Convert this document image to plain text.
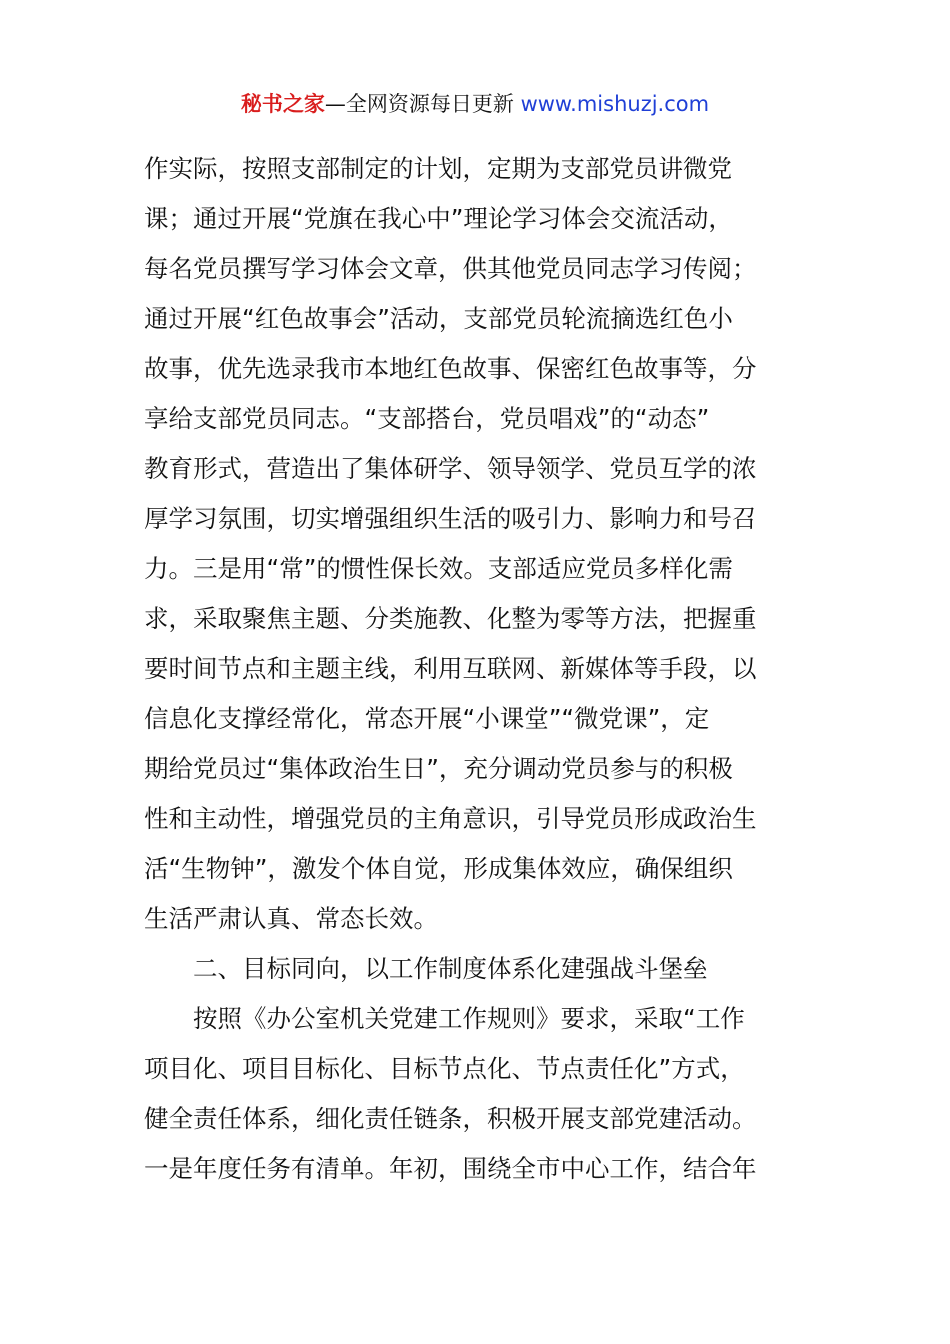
秘书之家—全网资源每日更新 www.mishuzj.com
作实际，按照支部制定的计划，定期为支部党员讲微党
课；通过开展“党旗在我心中”理论学习体会交流活动，
每名党员撰写学习体会文章，供其他党员同志学习传阅；
通过开展“红色故事会”活动，支部党员轮流摘选红色小
故事，优先选录我市本地红色故事、保密红色故事等，分
享给支部党员同志。“支部搭台，党员唱戏”的“动态”
教育形式，营造出了集体研学、领导领学、党员互学的浓
厚学习氛围，切实增强组织生活的吸引力、影响力和号召
力。三是用“常”的惯性保长效。支部适应党员多样化需
求，采取聚焦主题、分类施教、化整为零等方法，把握重
要时间节点和主题主线，利用互联网、新媒体等手段，以
信息化支撑经常化，常态开展“小课堂”“微党课”，定
期给党员过“集体政治生日”，充分调动党员参与的积极
性和主动性，增强党员的主角意识，引导党员形成政治生
活“生物钟”，激发个体自觉，形成集体效应，确保组织
生活严肃认真、常态长效。
二、目标同向，以工作制度体系化建强战斗堡垒
按照《办公室机关党建工作规则》要求，采取“工作
项目化、项目目标化、目标节点化、节点责任化”方式，
健全责任体系，细化责任链条，积极开展支部党建活动。
一是年度任务有清单。年初，围绕全市中心工作，结合年
